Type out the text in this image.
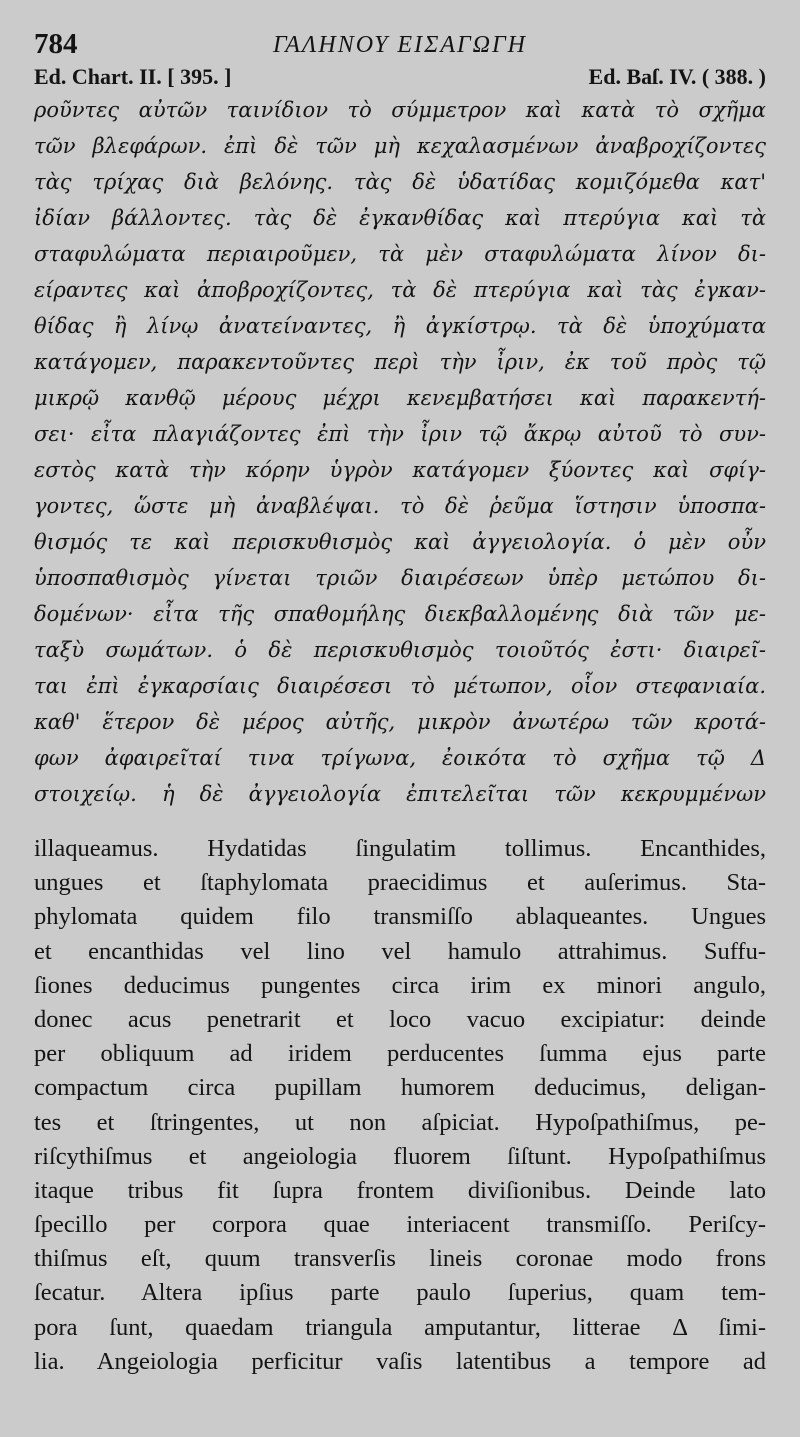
784	ΓΑΛΗΝΟΥ ΕΙΣΑΓΩΓΗ
Ed. Chart. II. [ 395. ]	Ed. Baſ. IV. ( 388. )
ροῦντες αὐτῶν ταινίδιον τὸ σύμμετρον καὶ κατὰ τὸ σχῆμα
τῶν βλεφάρων. ἐπὶ δὲ τῶν μὴ κεχαλασμένων ἀναβροχίζοντες
τὰς τρίχας διὰ βελόνης. τὰς δὲ ὑδατίδας κομιζόμεθα κατ'
ἰδίαν βάλλοντες. τὰς δὲ ἐγκανθίδας καὶ πτερύγια καὶ τὰ
σταφυλώματα περιαιροῦμεν, τὰ μὲν σταφυλώματα λίνον δι-
είραντες καὶ ἀποβροχίζοντες, τὰ δὲ πτερύγια καὶ τὰς ἐγκαν-
θίδας ἢ λίνῳ ἀνατείναντες, ἢ ἀγκίστρῳ. τὰ δὲ ὑποχύματα
κατάγομεν, παρακεντοῦντες περὶ τὴν ἶριν, ἐκ τοῦ πρὸς τῷ
μικρῷ κανθῷ μέρους μέχρι κενεμβατήσει καὶ παρακεντή-
σει· εἶτα πλαγιάζοντες ἐπὶ τὴν ἶριν τῷ ἄκρῳ αὐτοῦ τὸ συν-
εστὸς κατὰ τὴν κόρην ὑγρὸν κατάγομεν ξύοντες καὶ σφίγ-
γοντες, ὥστε μὴ ἀναβλέψαι. τὸ δὲ ῥεῦμα ἵστησιν ὑποσπα-
θισμός τε καὶ περισκυθισμὸς καὶ ἀγγειολογία. ὁ μὲν οὖν
ὑποσπαθισμὸς γίνεται τριῶν διαιρέσεων ὑπὲρ μετώπου δι-
δομένων· εἶτα τῆς σπαθομήλης διεκβαλλομένης διὰ τῶν με-
ταξὺ σωμάτων. ὁ δὲ περισκυθισμὸς τοιοῦτός ἐστι· διαιρεῖ-
ται ἐπὶ ἐγκαρσίαις διαιρέσεσι τὸ μέτωπον, οἷον στεφανιαία.
καθ' ἕτερον δὲ μέρος αὐτῆς, μικρὸν ἀνωτέρω τῶν κροτά-
φων ἀφαιρεῖταί τινα τρίγωνα, ἐοικότα τὸ σχῆμα τῷ Δ
στοιχείῳ. ἡ δὲ ἀγγειολογία ἐπιτελεῖται τῶν κεκρυμμένων
illaqueamus. Hydatidas ſingulatim tollimus. Encanthides,
ungues et ſtaphylomata praecidimus et auſerimus. Sta-
phylomata quidem filo transmiſſo ablaqueantes. Ungues
et encanthidas vel lino vel hamulo attrahimus. Suffu-
ſiones deducimus pungentes circa irim ex minori angulo,
donec acus penetrarit et loco vacuo excipiatur: deinde
per obliquum ad iridem perducentes ſumma ejus parte
compactum circa pupillam humorem deducimus, deligan-
tes et ſtringentes, ut non aſpiciat. Hypoſpathiſmus, pe-
riſcythiſmus et angeiologia fluorem ſiſtunt. Hypoſpathiſmus
itaque tribus fit ſupra frontem diviſionibus. Deinde lato
ſpecillo per corpora quae interiacent transmiſſo. Periſcy-
thiſmus eſt, quum transverſis lineis coronae modo frons
ſecatur. Altera ipſius parte paulo ſuperius, quam tem-
pora ſunt, quaedam triangula amputantur, litterae Δ ſimi-
lia. Angeiologia perficitur vaſis latentibus a tempore ad
